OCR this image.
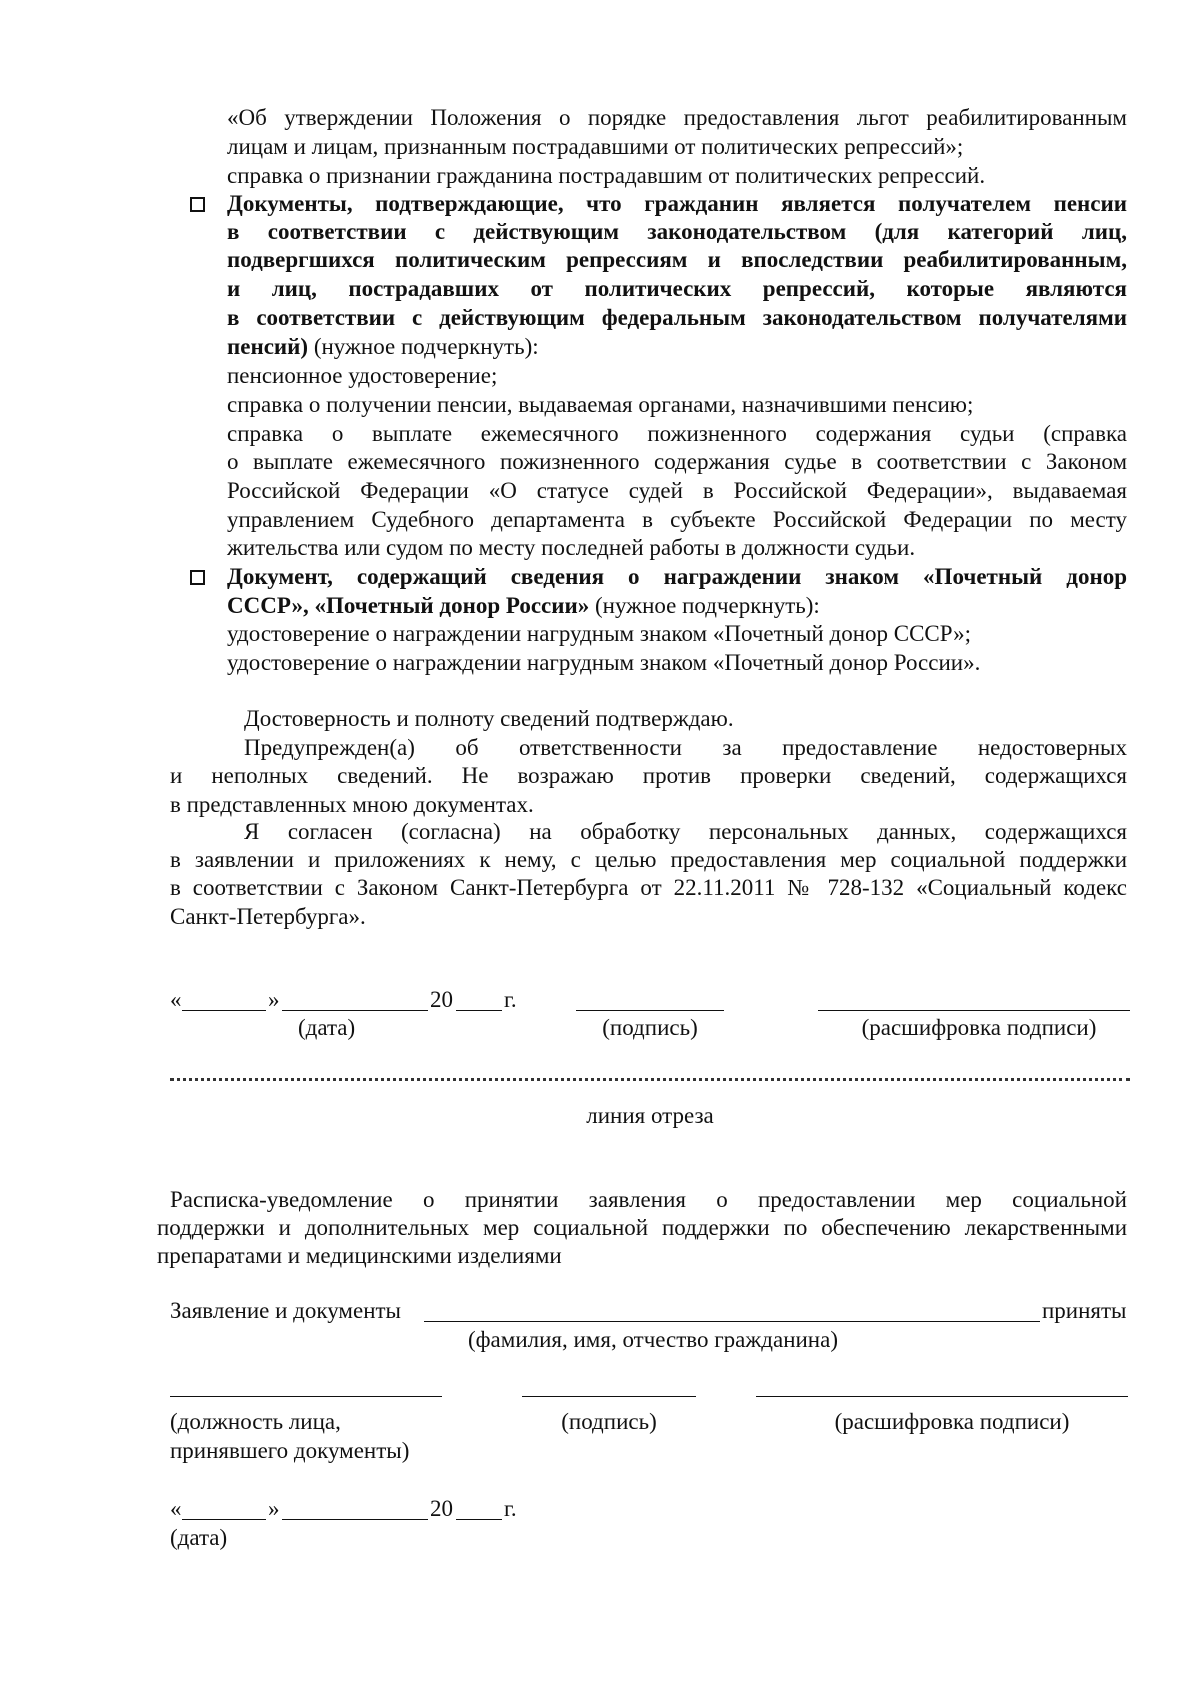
«Об утверждении Положения о порядке предоставления льгот реабилитированным
лицам и лицам, признанным пострадавшими от политических репрессий»;
справка о признании гражданина пострадавшим от политических репрессий.
Документы, подтверждающие, что гражданин является получателем пенсии
в соответствии с действующим законодательством (для категорий лиц,
подвергшихся политическим репрессиям и впоследствии реабилитированным,
и лиц, пострадавших от политических репрессий, которые являются
в соответствии с действующим федеральным законодательством получателями
пенсий) (нужное подчеркнуть):
пенсионное удостоверение;
справка о получении пенсии, выдаваемая органами, назначившими пенсию;
справка о выплате ежемесячного пожизненного содержания судьи (справка
о выплате ежемесячного пожизненного содержания судье в соответствии с Законом
Российской Федерации «О статусе судей в Российской Федерации», выдаваемая
управлением Судебного департамента в субъекте Российской Федерации по месту
жительства или судом по месту последней работы в должности судьи.
Документ, содержащий сведения о награждении знаком «Почетный донор
СССР», «Почетный донор России» (нужное подчеркнуть):
удостоверение о награждении нагрудным знаком «Почетный донор СССР»;
удостоверение о награждении нагрудным знаком «Почетный донор России».
Достоверность и полноту сведений подтверждаю.
Предупрежден(а) об ответственности за предоставление недостоверных
и неполных сведений. Не возражаю против проверки сведений, содержащихся
в представленных мною документах.
Я согласен (согласна) на обработку персональных данных, содержащихся
в заявлении и приложениях к нему, с целью предоставления мер социальной поддержки
в соответствии с Законом Санкт-Петербурга от 22.11.2011 № 728-132 «Социальный кодекс
Санкт-Петербурга».
«	»	20 г.
(дата)	(подпись)	(расшифровка подписи)
линия отреза
Расписка-уведомление о принятии заявления о предоставлении мер социальной
поддержки и дополнительных мер социальной поддержки по обеспечению лекарственными
препаратами и медицинскими изделиями
Заявление и документы	приняты
(фамилия, имя, отчество гражданина)
(должность лица,
принявшего документы)
(подпись)	(расшифровка подписи)
«	»	20 г.
(дата)
